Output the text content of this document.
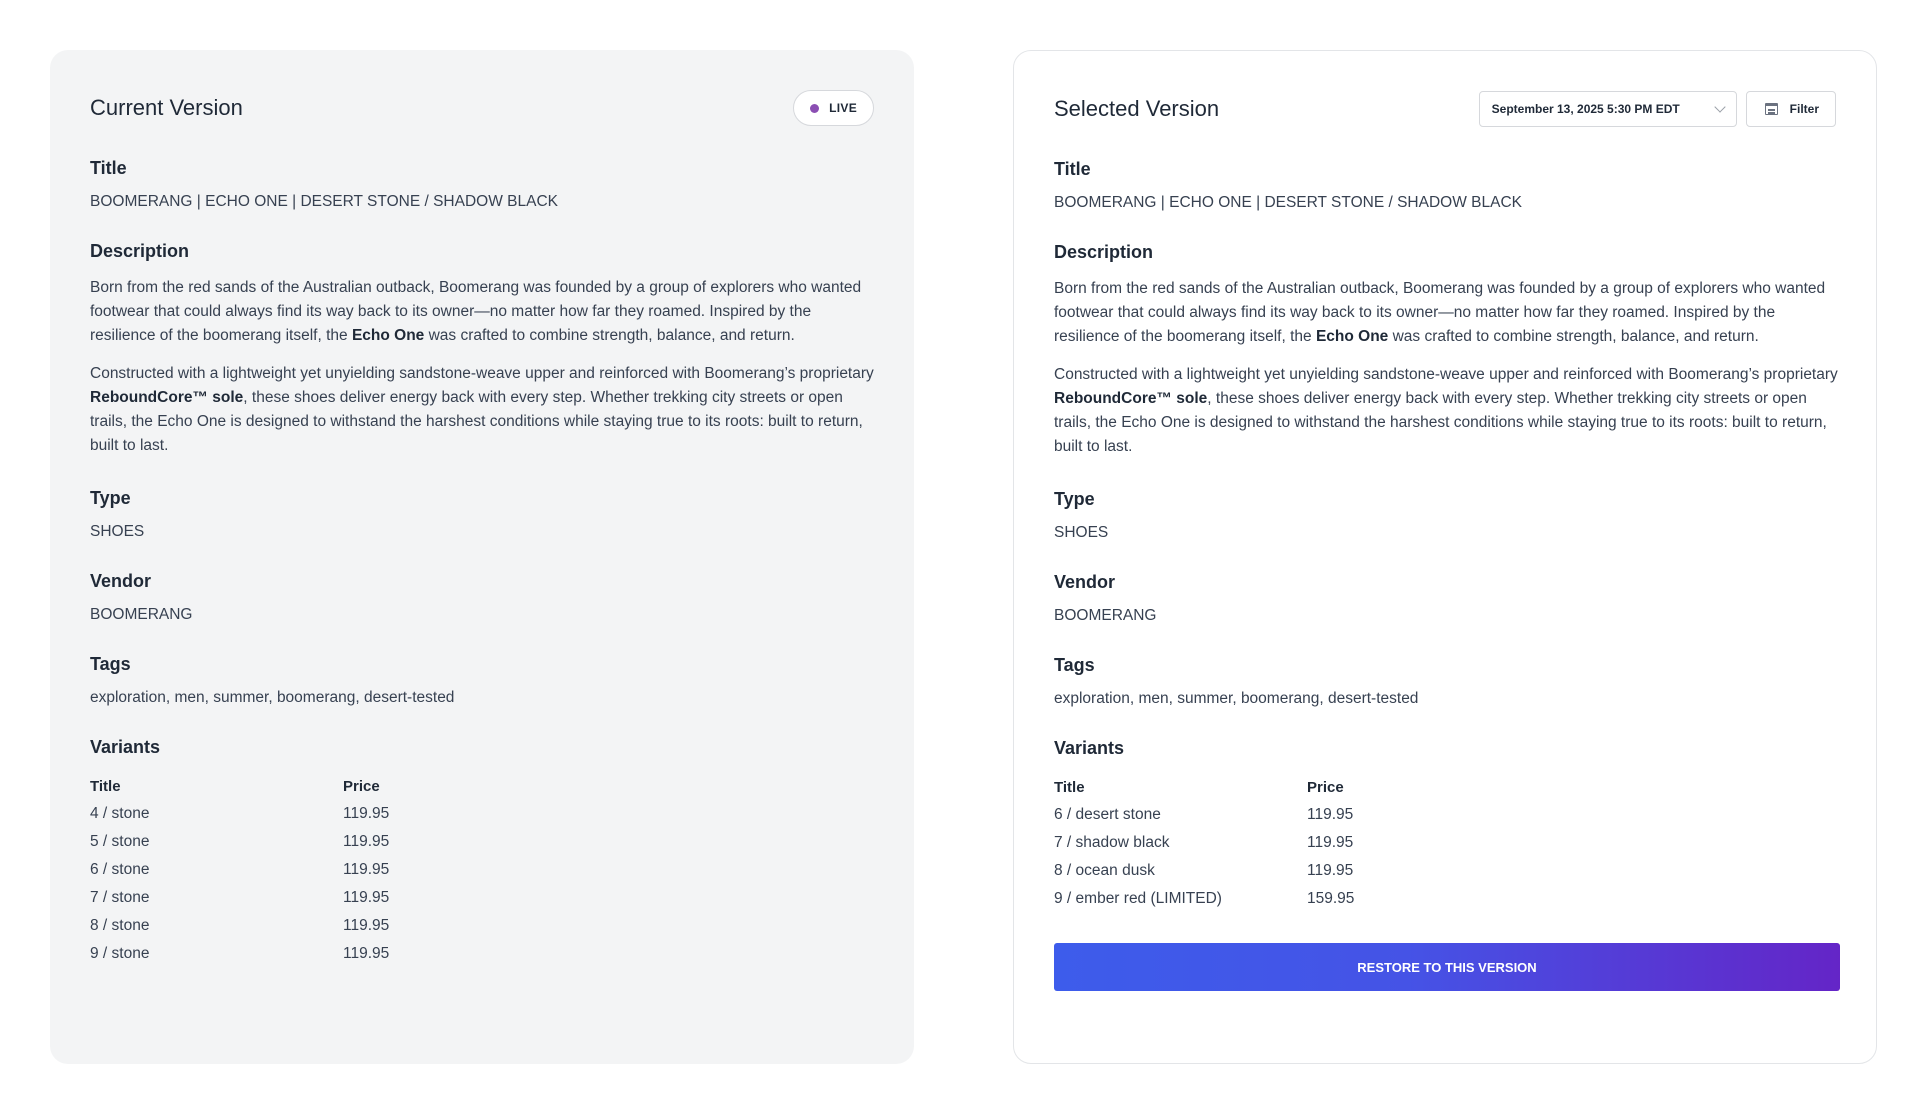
Current Version	LIVE
Title
BOOMERANG | ECHO ONE | DESERT STONE / SHADOW BLACK
Description

Born from the red sands of the Australian outback, Boomerang was founded by a group of explorers who wanted footwear that could always find its way back to its owner—no matter how far they roamed. Inspired by the resilience of the boomerang itself, the Echo One was crafted to combine strength, balance, and return.

Constructed with a lightweight yet unyielding sandstone-weave upper and reinforced with Boomerang’s proprietary ReboundCore™ sole, these shoes deliver energy back with every step. Whether trekking city streets or open trails, the Echo One is designed to withstand the harshest conditions while staying true to its roots: built to return, built to last.

Type
SHOES
Vendor
BOOMERANG
Tags
exploration, men, summer, boomerang, desert-tested
Variants
Title	Price
4 / stone	119.95
5 / stone	119.95
6 / stone	119.95
7 / stone	119.95
8 / stone	119.95
9 / stone	119.95
Selected Version	September 13, 2025 5:30 PM EDT	Filter
Title
BOOMERANG | ECHO ONE | DESERT STONE / SHADOW BLACK
Description

Born from the red sands of the Australian outback, Boomerang was founded by a group of explorers who wanted footwear that could always find its way back to its owner—no matter how far they roamed. Inspired by the resilience of the boomerang itself, the Echo One was crafted to combine strength, balance, and return.

Constructed with a lightweight yet unyielding sandstone-weave upper and reinforced with Boomerang’s proprietary ReboundCore™ sole, these shoes deliver energy back with every step. Whether trekking city streets or open trails, the Echo One is designed to withstand the harshest conditions while staying true to its roots: built to return, built to last.

Type
SHOES
Vendor
BOOMERANG
Tags
exploration, men, summer, boomerang, desert-tested
Variants
Title	Price
6 / desert stone	119.95
7 / shadow black	119.95
8 / ocean dusk	119.95
9 / ember red (LIMITED)	159.95
RESTORE TO THIS VERSION
